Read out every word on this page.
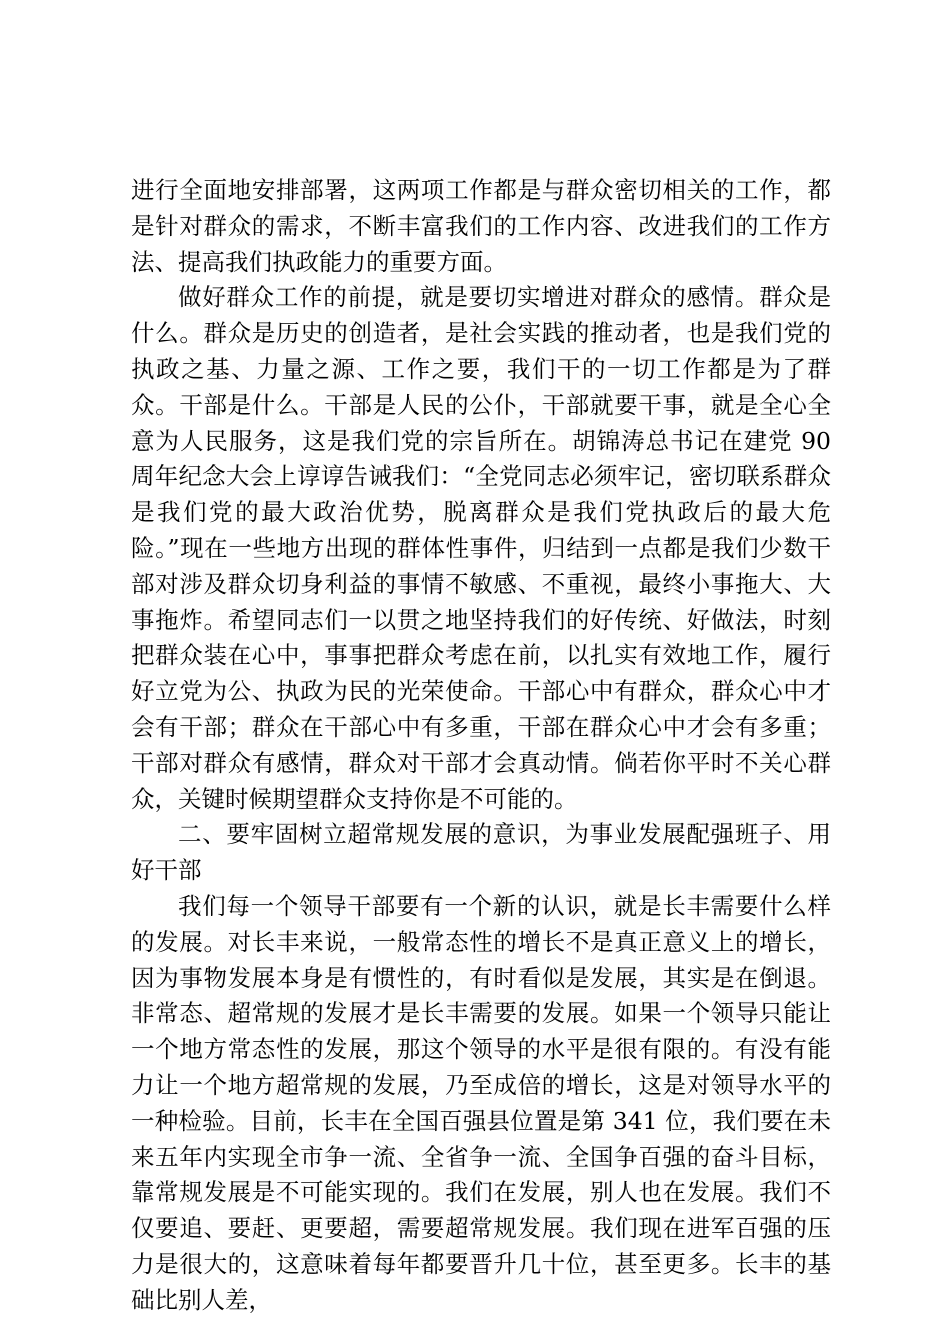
进行全面地安排部署，这两项工作都是与群众密切相关的工作，都是针对群众的需求，不断丰富我们的工作内容、改进我们的工作方法、提高我们执政能力的重要方面。

做好群众工作的前提，就是要切实增进对群众的感情。群众是什么。群众是历史的创造者，是社会实践的推动者，也是我们党的执政之基、力量之源、工作之要，我们干的一切工作都是为了群众。干部是什么。干部是人民的公仆，干部就要干事，就是全心全意为人民服务，这是我们党的宗旨所在。胡锦涛总书记在建党 90 周年纪念大会上谆谆告诫我们：“全党同志必须牢记，密切联系群众是我们党的最大政治优势，脱离群众是我们党执政后的最大危险。”现在一些地方出现的群体性事件，归结到一点都是我们少数干部对涉及群众切身利益的事情不敏感、不重视，最终小事拖大、大事拖炸。希望同志们一以贯之地坚持我们的好传统、好做法，时刻把群众装在心中，事事把群众考虑在前，以扎实有效地工作，履行好立党为公、执政为民的光荣使命。干部心中有群众，群众心中才会有干部；群众在干部心中有多重，干部在群众心中才会有多重；干部对群众有感情，群众对干部才会真动情。倘若你平时不关心群众，关键时候期望群众支持你是不可能的。

二、要牢固树立超常规发展的意识，为事业发展配强班子、用好干部

我们每一个领导干部要有一个新的认识，就是长丰需要什么样的发展。对长丰来说，一般常态性的增长不是真正意义上的增长，因为事物发展本身是有惯性的，有时看似是发展，其实是在倒退。非常态、超常规的发展才是长丰需要的发展。如果一个领导只能让一个地方常态性的发展，那这个领导的水平是很有限的。有没有能力让一个地方超常规的发展，乃至成倍的增长，这是对领导水平的一种检验。目前，长丰在全国百强县位置是第 341 位，我们要在未来五年内实现全市争一流、全省争一流、全国争百强的奋斗目标，靠常规发展是不可能实现的。我们在发展，别人也在发展。我们不仅要追、要赶、更要超，需要超常规发展。我们现在进军百强的压力是很大的，这意味着每年都要晋升几十位，甚至更多。长丰的基础比别人差，
